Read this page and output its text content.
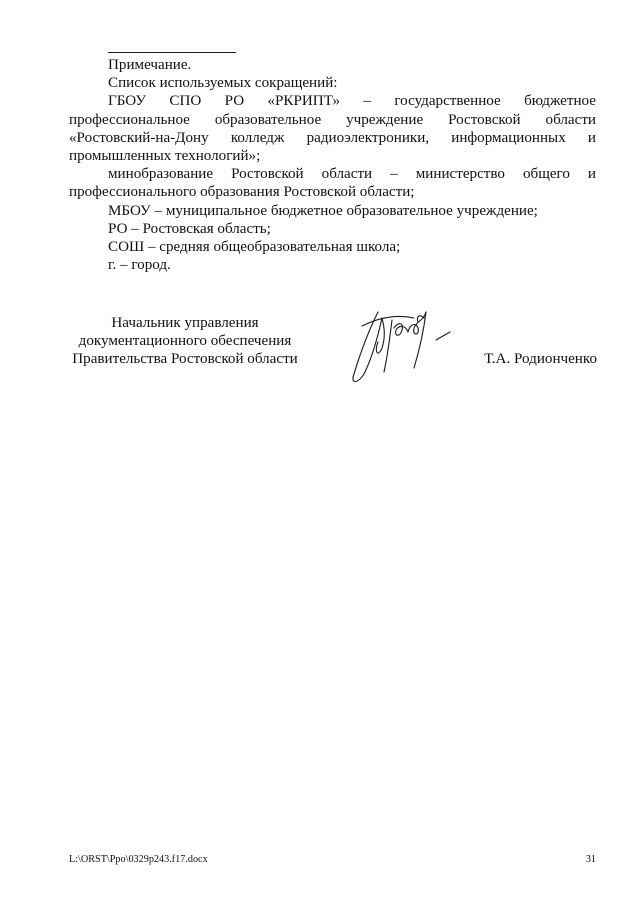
Примечание.

Список используемых сокращений:

ГБОУ СПО РО «РКРИПТ» – государственное бюджетное профессиональное образовательное учреждение Ростовской области «Ростовский-на-Дону колледж радиоэлектроники, информационных и промышленных технологий»;

минобразование Ростовской области – министерство общего и профессионального образования Ростовской области;

МБОУ – муниципальное бюджетное образовательное учреждение;

РО – Ростовская область;

СОШ – средняя общеобразовательная школа;

г. – город.

Начальник управления
документационного обеспечения
Правительства Ростовской области	Т.А. Родионченко
L:\ORST\Ppo\0329p243.f17.docx	31
